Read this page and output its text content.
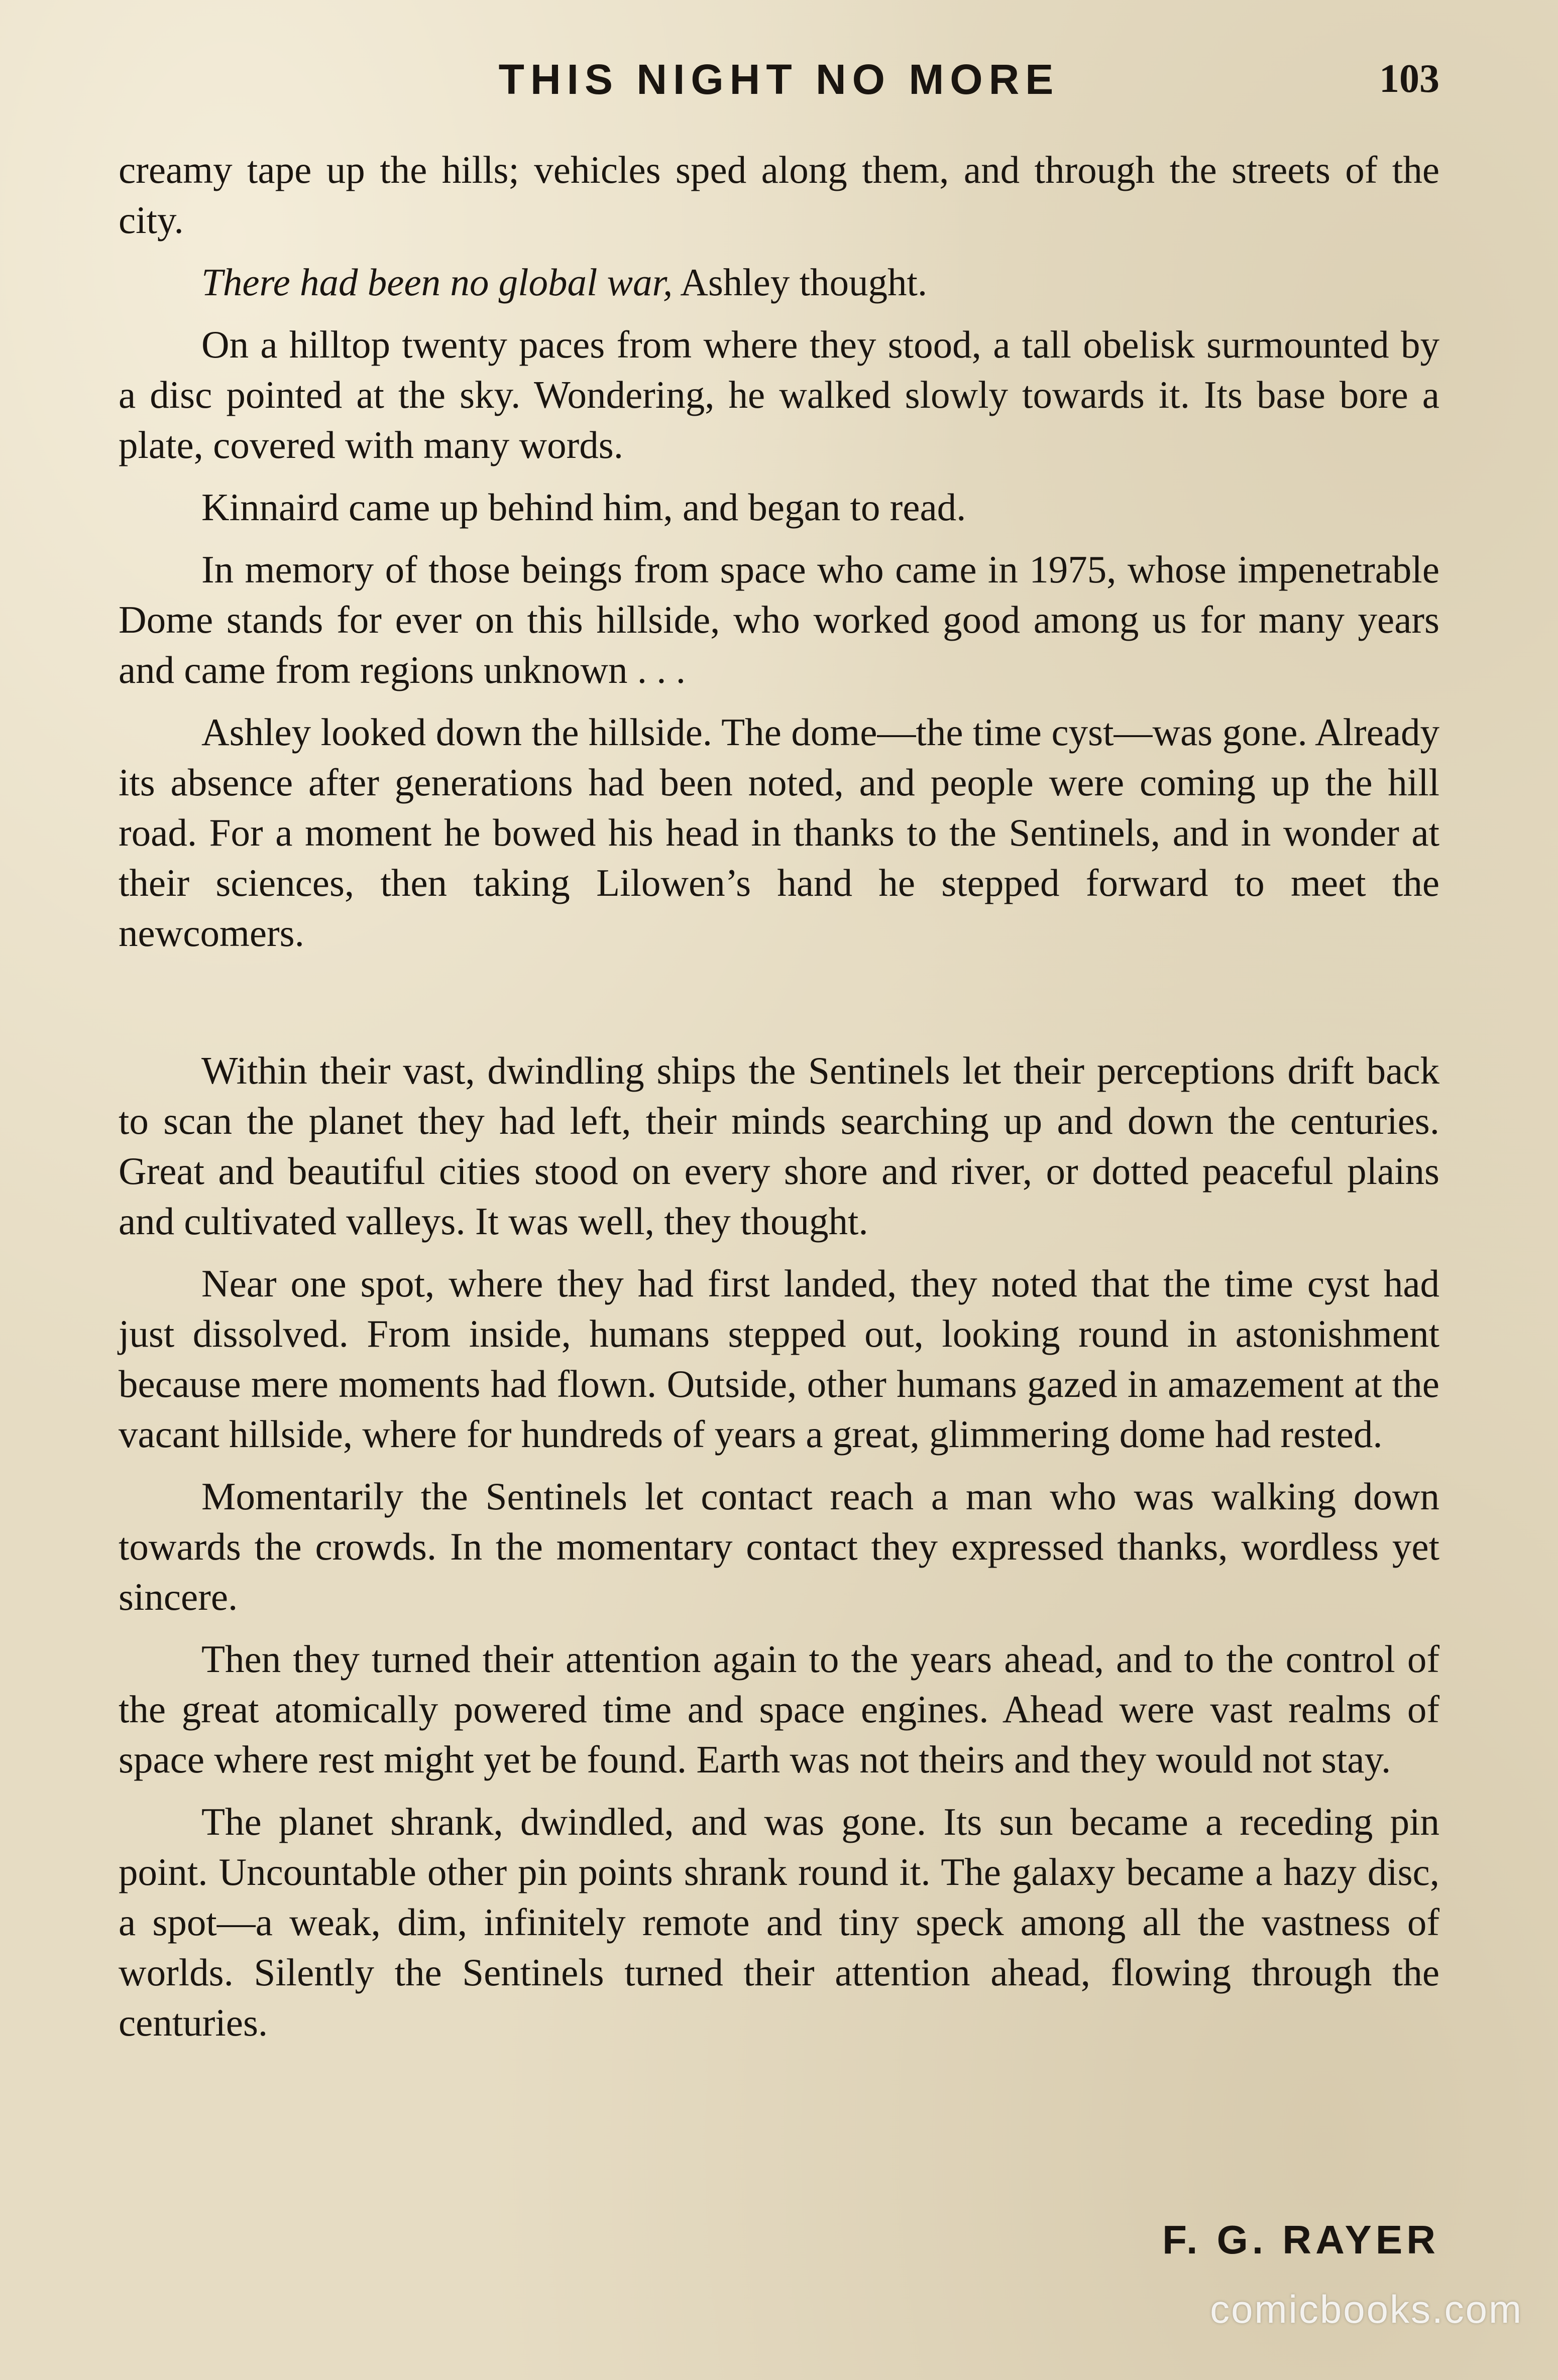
THIS NIGHT NO MORE	103

creamy tape up the hills; vehicles sped along them, and through the streets of the city.

There had been no global war, Ashley thought.

On a hilltop twenty paces from where they stood, a tall obelisk surmounted by a disc pointed at the sky. Wondering, he walked slowly towards it. Its base bore a plate, covered with many words.

Kinnaird came up behind him, and began to read.

In memory of those beings from space who came in 1975, whose impenetrable Dome stands for ever on this hillside, who worked good among us for many years and came from regions unknown . . .

Ashley looked down the hillside. The dome—the time cyst—was gone. Already its absence after generations had been noted, and people were coming up the hill road. For a moment he bowed his head in thanks to the Sentinels, and in wonder at their sciences, then taking Lilowen’s hand he stepped forward to meet the newcomers.

Within their vast, dwindling ships the Sentinels let their perceptions drift back to scan the planet they had left, their minds searching up and down the centuries. Great and beautiful cities stood on every shore and river, or dotted peaceful plains and cultivated valleys. It was well, they thought.

Near one spot, where they had first landed, they noted that the time cyst had just dissolved. From inside, humans stepped out, looking round in astonishment because mere moments had flown. Outside, other humans gazed in amazement at the vacant hillside, where for hundreds of years a great, glimmering dome had rested.

Momentarily the Sentinels let contact reach a man who was walking down towards the crowds. In the momentary contact they expressed thanks, wordless yet sincere.

Then they turned their attention again to the years ahead, and to the control of the great atomically powered time and space engines. Ahead were vast realms of space where rest might yet be found. Earth was not theirs and they would not stay.

The planet shrank, dwindled, and was gone. Its sun became a receding pin point. Uncountable other pin points shrank round it. The galaxy became a hazy disc, a spot—a weak, dim, infinitely remote and tiny speck among all the vastness of worlds. Silently the Sentinels turned their attention ahead, flowing through the centuries.

F. G. RAYER
comicbooks.com
